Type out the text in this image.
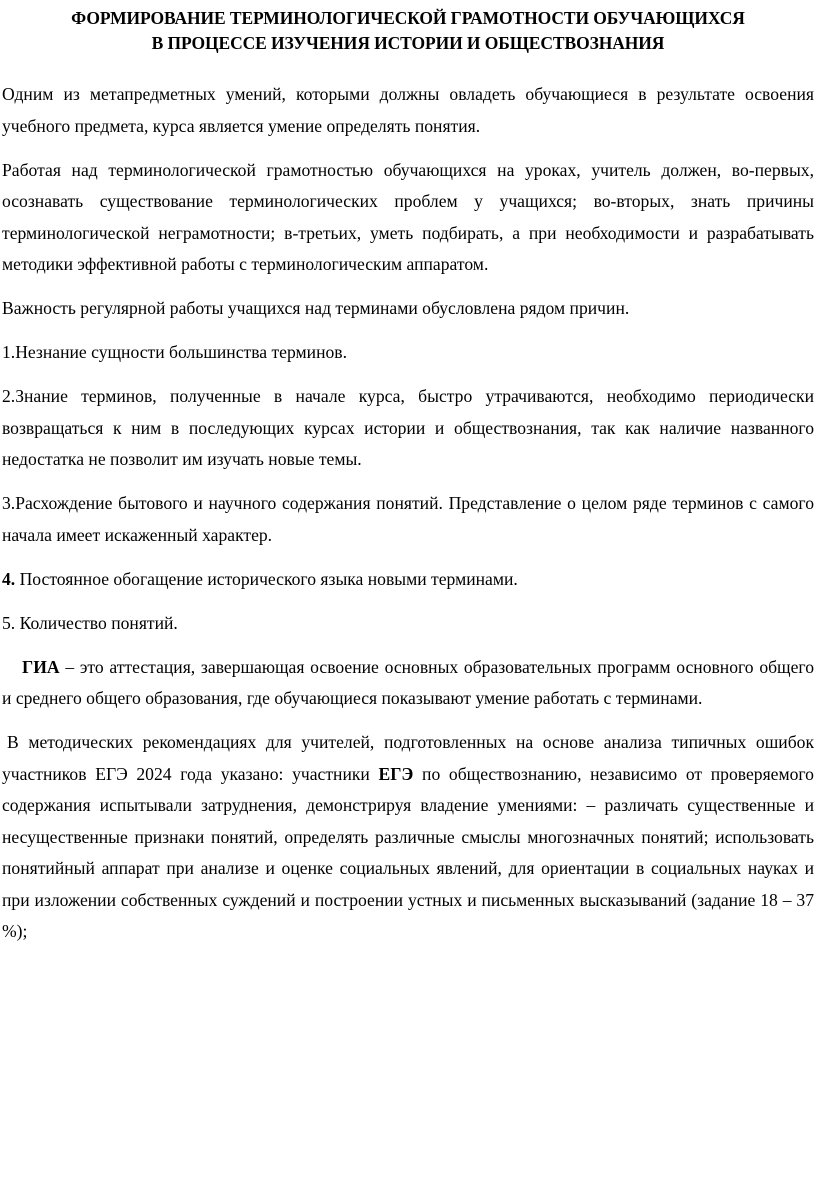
ФОРМИРОВАНИЕ ТЕРМИНОЛОГИЧЕСКОЙ ГРАМОТНОСТИ ОБУЧАЮЩИХСЯ
В ПРОЦЕССЕ ИЗУЧЕНИЯ ИСТОРИИ И ОБЩЕСТВОЗНАНИЯ

Одним из метапредметных умений, которыми должны овладеть обучающиеся в результате освоения учебного предмета, курса является умение определять понятия.

Работая над терминологической грамотностью обучающихся на уроках, учитель должен, во-первых, осознавать существование терминологических проблем у учащихся; во-вторых, знать причины терминологической неграмотности; в-третьих, уметь подбирать, а при необходимости и разрабатывать методики эффективной работы с терминологическим аппаратом.

Важность регулярной работы учащихся над терминами обусловлена рядом причин.

1.Незнание сущности большинства терминов.

2.Знание терминов, полученные в начале курса, быстро утрачиваются, необходимо периодически возвращаться к ним в последующих курсах истории и обществознания, так как наличие названного недостатка не позволит им изучать новые темы.

3.Расхождение бытового и научного содержания понятий. Представление о целом ряде терминов с самого начала имеет искаженный характер.

4. Постоянное обогащение исторического языка новыми терминами.

5. Количество понятий.

ГИА – это аттестация, завершающая освоение основных образовательных программ основного общего и среднего общего образования, где обучающиеся показывают умение работать с терминами.

В методических рекомендациях для учителей, подготовленных на основе анализа типичных ошибок участников ЕГЭ 2024 года указано: участники ЕГЭ по обществознанию, независимо от проверяемого содержания испытывали затруднения, демонстрируя владение умениями: – различать существенные и несущественные признаки понятий, определять различные смыслы многозначных понятий; использовать понятийный аппарат при анализе и оценке социальных явлений, для ориентации в социальных науках и при изложении собственных суждений и построении устных и письменных высказываний (задание 18 – 37 %);
